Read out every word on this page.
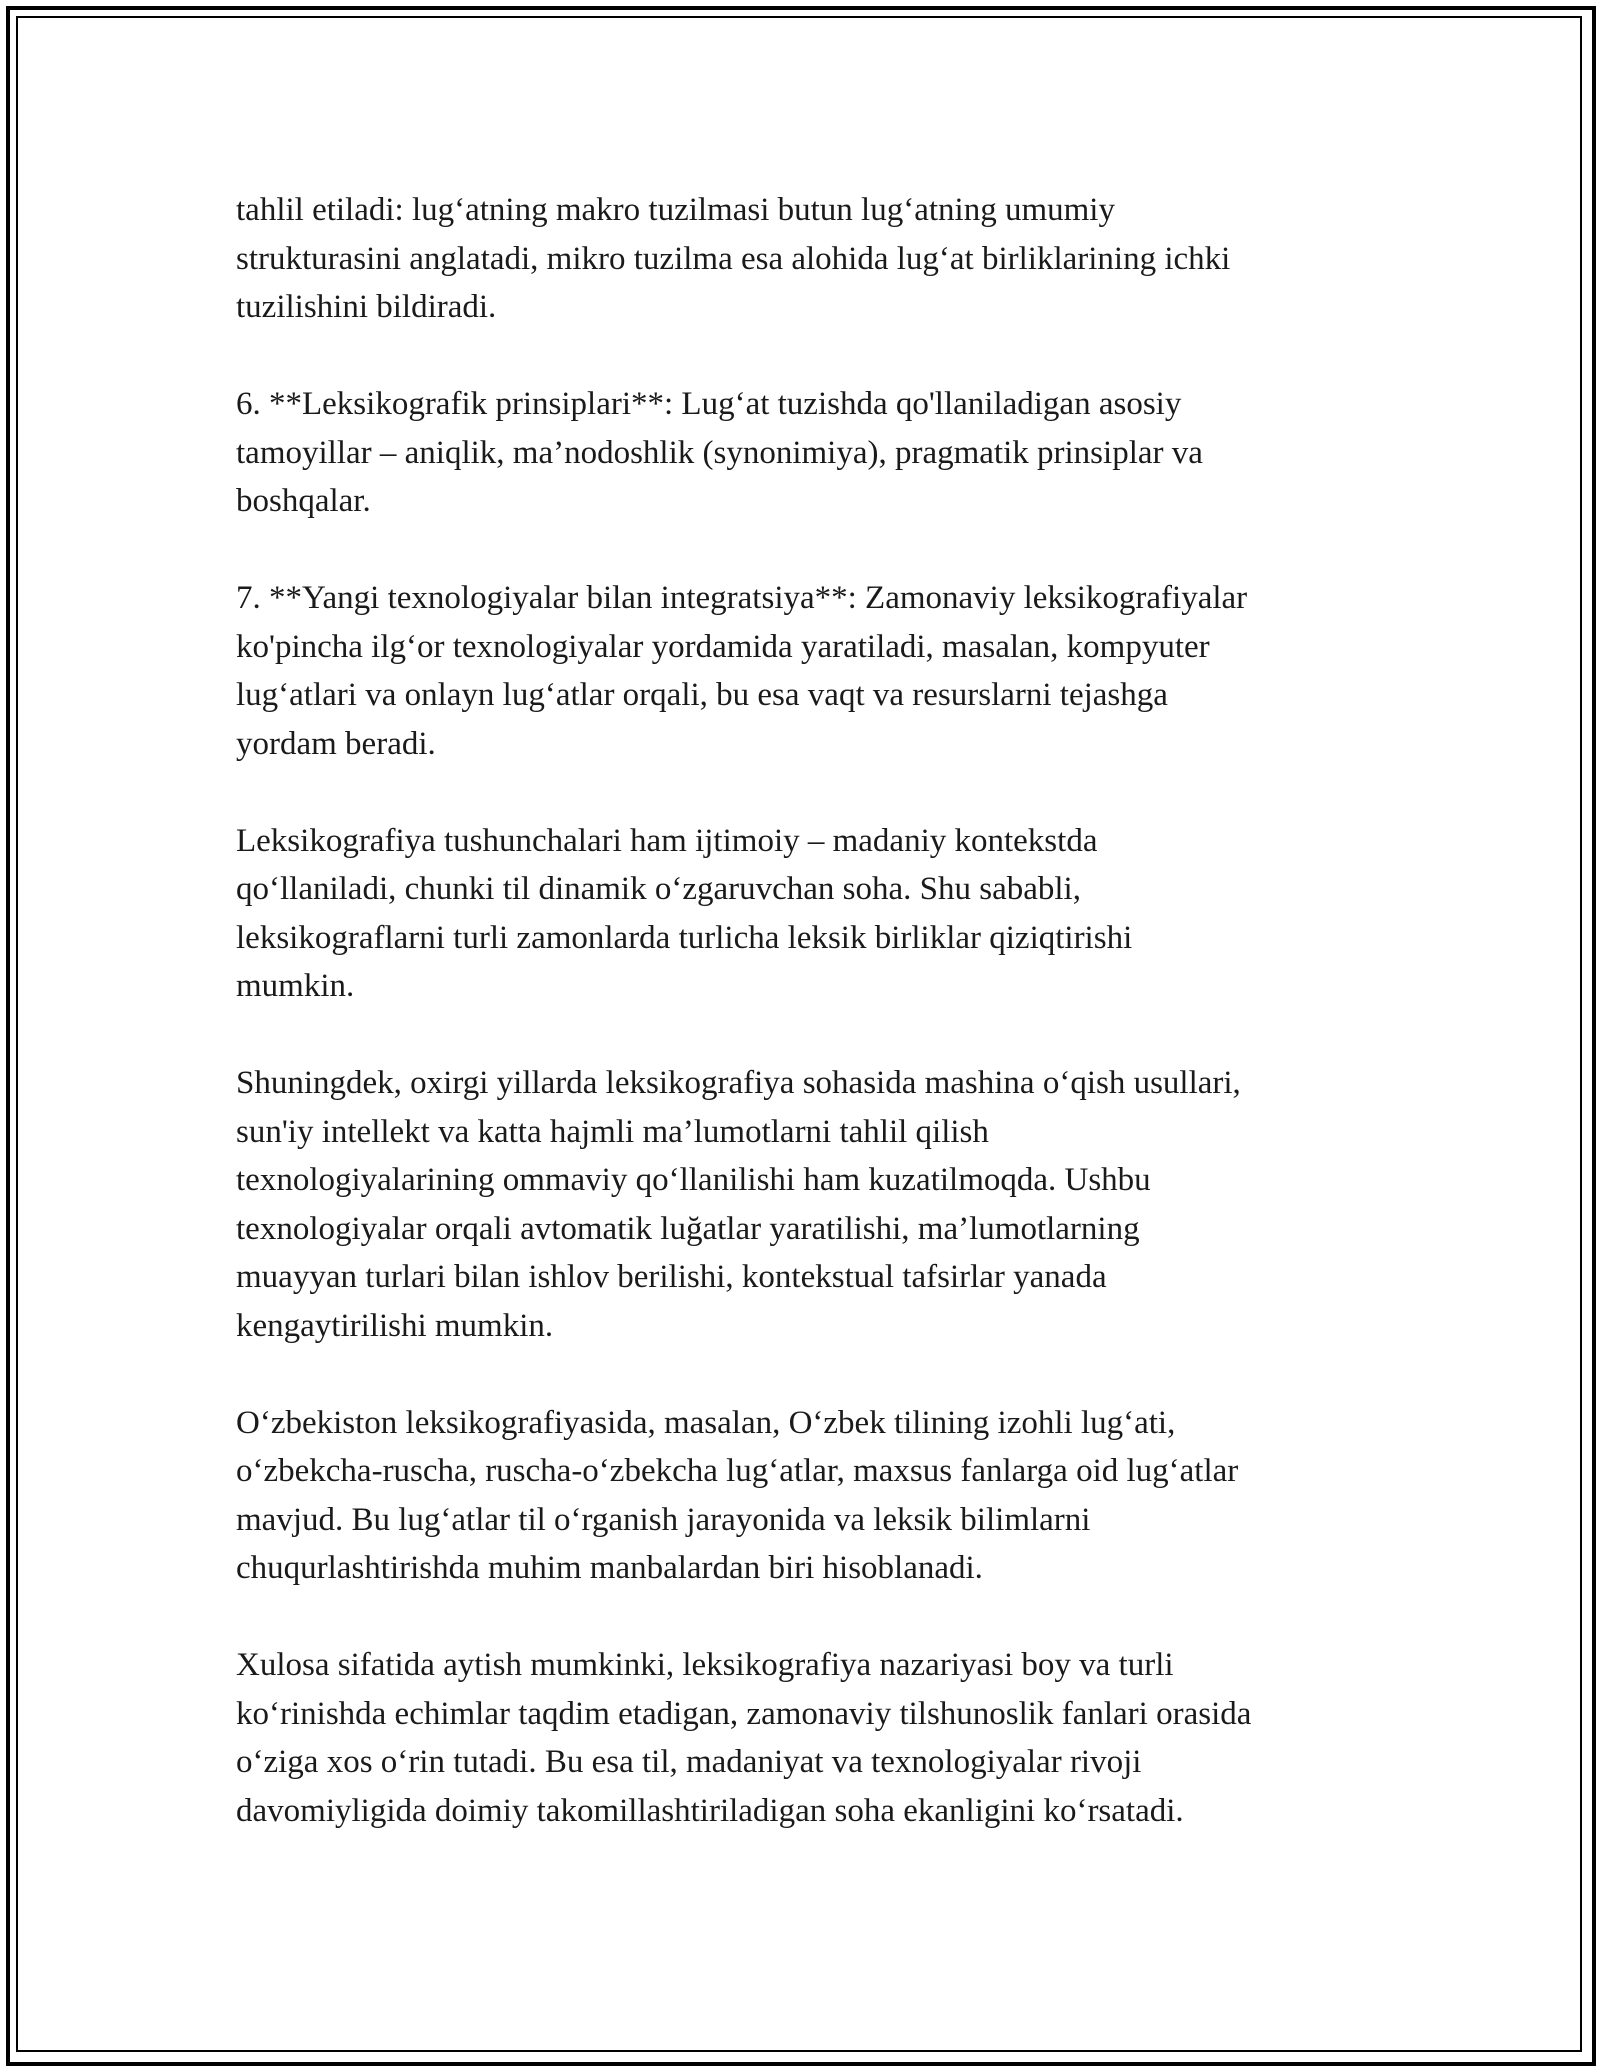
tahlil etiladi: lug‘atning makro tuzilmasi butun lug‘atning umumiy
strukturasini anglatadi, mikro tuzilma esa alohida lug‘at birliklarining ichki
tuzilishini bildiradi.

6. **Leksikografik prinsiplari**: Lug‘at tuzishda qo'llaniladigan asosiy
tamoyillar – aniqlik, ma’nodoshlik (synonimiya), pragmatik prinsiplar va
boshqalar.

7. **Yangi texnologiyalar bilan integratsiya**: Zamonaviy leksikografiyalar
ko'pincha ilg‘or texnologiyalar yordamida yaratiladi, masalan, kompyuter
lug‘atlari va onlayn lug‘atlar orqali, bu esa vaqt va resurslarni tejashga
yordam beradi.

Leksikografiya tushunchalari ham ijtimoiy – madaniy kontekstda
qo‘llaniladi, chunki til dinamik o‘zgaruvchan soha. Shu sababli,
leksikograflarni turli zamonlarda turlicha leksik birliklar qiziqtirishi
mumkin.

Shuningdek, oxirgi yillarda leksikografiya sohasida mashina o‘qish usullari,
sun'iy intellekt va katta hajmli ma’lumotlarni tahlil qilish
texnologiyalarining ommaviy qo‘llanilishi ham kuzatilmoqda. Ushbu
texnologiyalar orqali avtomatik luğatlar yaratilishi, ma’lumotlarning
muayyan turlari bilan ishlov berilishi, kontekstual tafsirlar yanada
kengaytirilishi mumkin.

O‘zbekiston leksikografiyasida, masalan, O‘zbek tilining izohli lug‘ati,
o‘zbekcha-ruscha, ruscha-o‘zbekcha lug‘atlar, maxsus fanlarga oid lug‘atlar
mavjud. Bu lug‘atlar til o‘rganish jarayonida va leksik bilimlarni
chuqurlashtirishda muhim manbalardan biri hisoblanadi.

Xulosa sifatida aytish mumkinki, leksikografiya nazariyasi boy va turli
ko‘rinishda echimlar taqdim etadigan, zamonaviy tilshunoslik fanlari orasida
o‘ziga xos o‘rin tutadi. Bu esa til, madaniyat va texnologiyalar rivoji
davomiyligida doimiy takomillashtiriladigan soha ekanligini ko‘rsatadi.
